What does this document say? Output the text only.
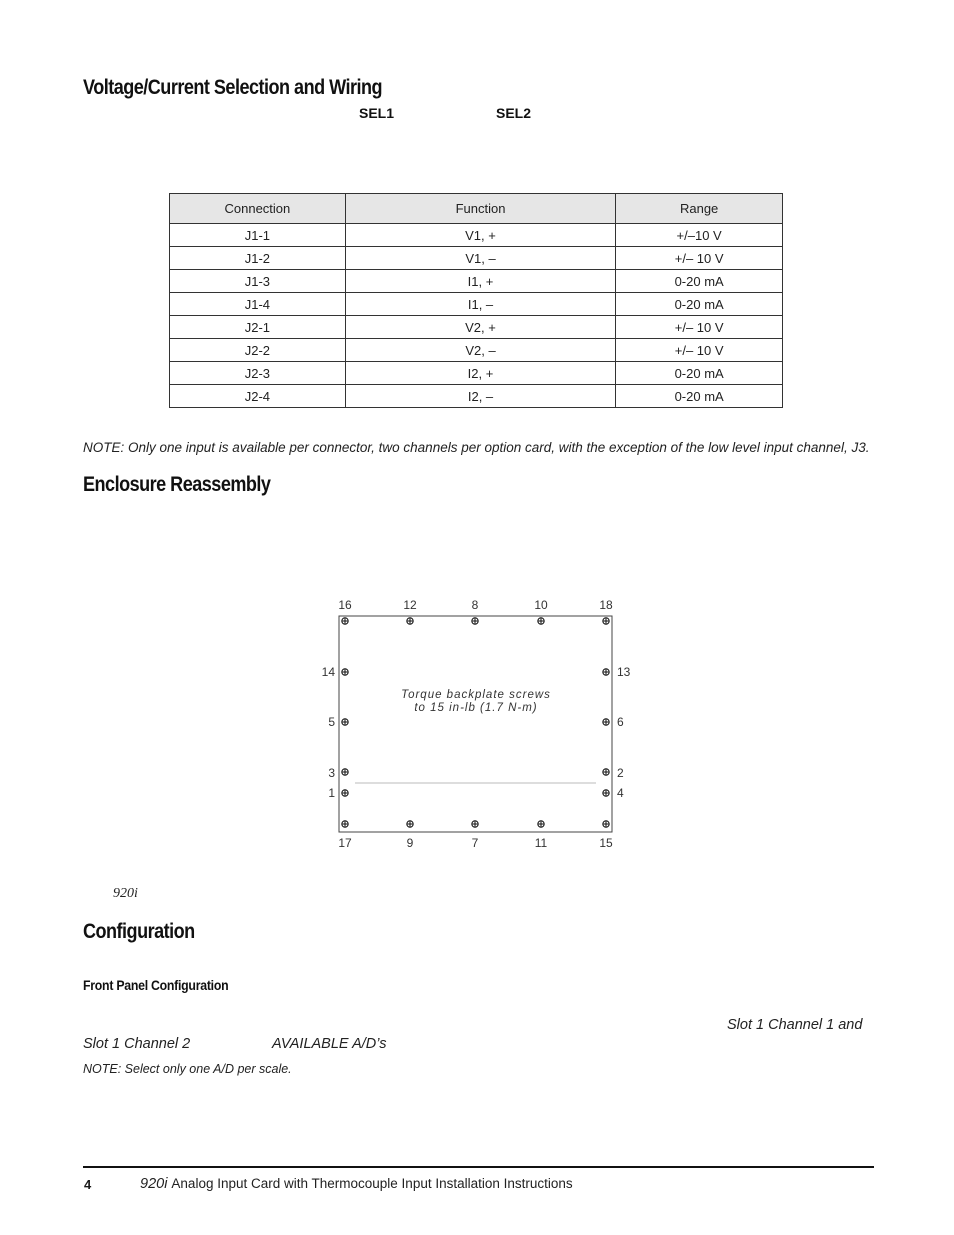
Voltage/Current Selection and Wiring
SEL1	SEL2
Connection	Function	Range
J1-1	V1, +	+/–10 V
J1-2	V1, –	+/– 10 V
J1-3	I1, +	0-20 mA
J1-4	I1, –	0-20 mA
J2-1	V2, +	+/– 10 V
J2-2	V2, –	+/– 10 V
J2-3	I2, +	0-20 mA
J2-4	I2, –	0-20 mA
NOTE: Only one input is available per connector, two channels per option card, with the exception of the low level input channel, J3.
Enclosure Reassembly
16	12	8	10	18
17	9	7	11	15
14
5
3
1
13
6
2
4
Torque backplate screws
to 15 in-lb (1.7 N-m)
920i
Configuration
Front Panel Configuration
Slot 1 Channel 1 and
Slot 1 Channel 2	AVAILABLE A/D’s
NOTE: Select only one A/D per scale.
4	920i Analog Input Card with Thermocouple Input Installation Instructions
